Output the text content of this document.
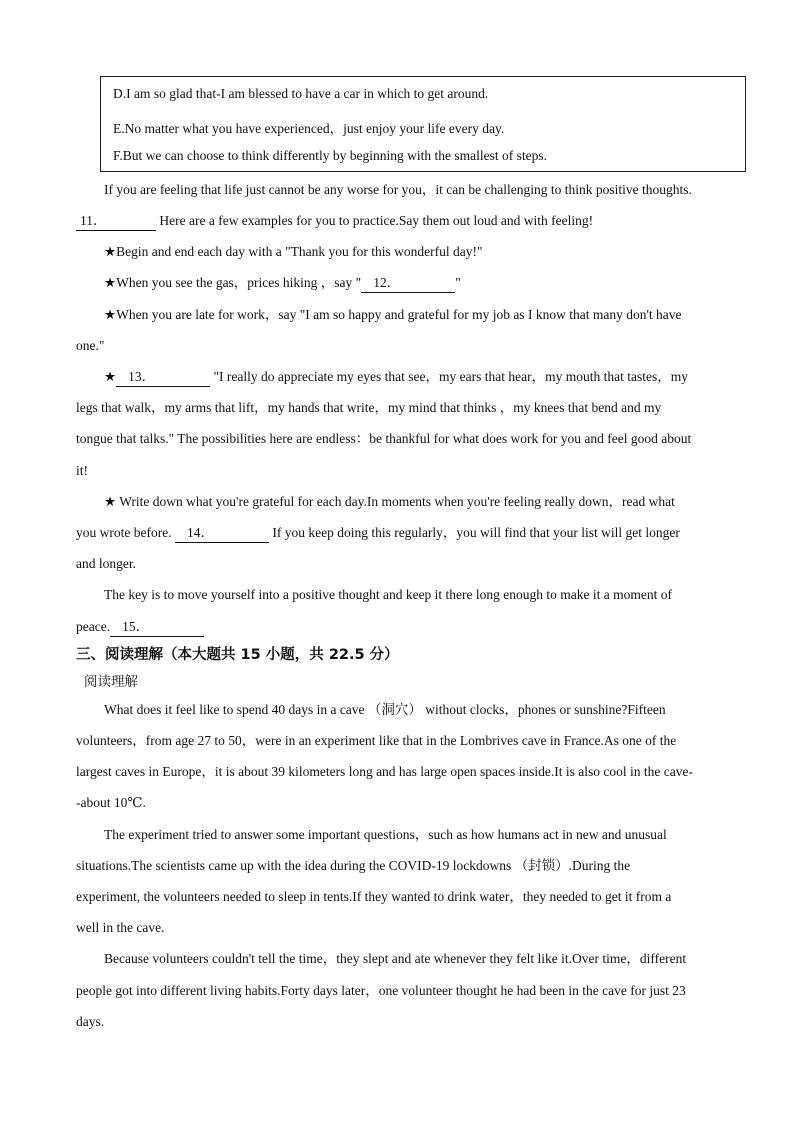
D.I am so glad that-I am blessed to have a car in which to get around.
E.No matter what you have experienced，just enjoy your life every day.
F.But we can choose to think differently by beginning with the smallest of steps.
If you are feeling that life just cannot be any worse for you，it can be challenging to think positive thoughts.
11．	Here are a few examples for you to practice.Say them out loud and with feeling!
★Begin and end each day with a "Thank you for this wonderful day!"
★When you see the gas，prices hiking ，say " 12．	"
★When you are late for work，say "I am so happy and grateful for my job as I know that many don't have
one."
★ 13．	"I really do appreciate my eyes that see，my ears that hear，my mouth that tastes，my
legs that walk，my arms that lift，my hands that write，my mind that thinks ，my knees that bend and my
tongue that talks." The possibilities here are endless：be thankful for what does work for you and feel good about
it!
★ Write down what you're grateful for each day.In moments when you're feeling really down，read what
you wrote before. 14．	If you keep doing this regularly，you will find that your list will get longer
and longer.
The key is to move yourself into a positive thought and keep it there long enough to make it a moment of
peace. 15．
三、阅读理解（本大题共 15 小题，共 22.5 分）
阅读理解
What does it feel like to spend 40 days in a cave （洞穴） without clocks，phones or sunshine?Fifteen
volunteers，from age 27 to 50，were in an experiment like that in the Lombrives cave in France.As one of the
largest caves in Europe，it is about 39 kilometers long and has large open spaces inside.It is also cool in the cave-
-about 10℃.
The experiment tried to answer some important questions，such as how humans act in new and unusual
situations.The scientists came up with the idea during the COVID-19 lockdowns （封锁）.During the
experiment, the volunteers needed to sleep in tents.If they wanted to drink water，they needed to get it from a
well in the cave.
Because volunteers couldn't tell the time，they slept and ate whenever they felt like it.Over time，different
people got into different living habits.Forty days later，one volunteer thought he had been in the cave for just 23
days.
